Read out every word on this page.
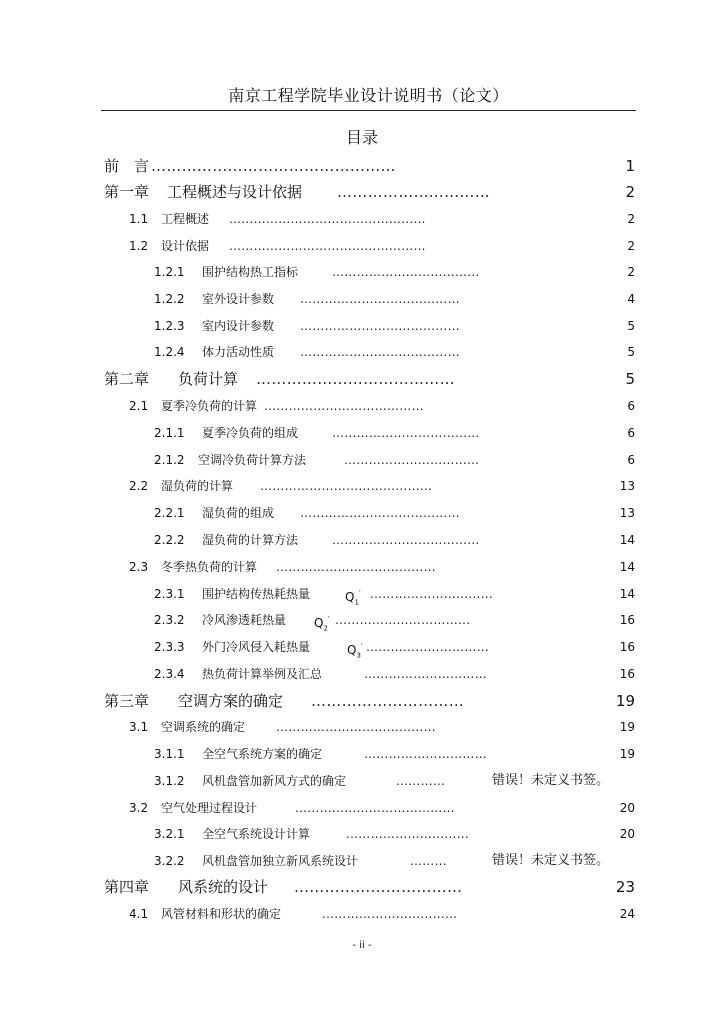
南京工程学院毕业设计说明书（论文）
目录
前　言 …………………………………………	1
第一章 工程概述与设计依据 …………………………	2
1.1 工程概述 …………………………………………	2
1.2 设计依据 …………………………………………	2
1.2.1 围护结构热工指标	………………………………	2
1.2.2 室外设计参数 …………………………………	4
1.2.3 室内设计参数 …………………………………	5
1.2.4 体力活动性质 …………………………………	5
第二章 负荷计算 …………………………………	5
2.1 夏季冷负荷的计算 …………………………………	6
2.1.1 夏季冷负荷的组成	………………………………	6
2.1.2 空调冷负荷计算方法	……………………………	6
2.2 湿负荷的计算 ……………………………………	13
2.2.1 湿负荷的组成 …………………………………	13
2.2.2 湿负荷的计算方法	………………………………	14
2.3 冬季热负荷的计算 …………………………………	14
2.3.1 围护结构传热耗热量	$Q_1'$ …………………………	14
2.3.2 冷风渗透耗热量 $Q_2'$ ……………………………	16
2.3.3 外门冷风侵入耗热量	$Q_3'$ …………………………	16
2.3.4 热负荷计算举例及汇总	…………………………	16
第三章 空调方案的确定 …………………………	19
3.1 空调系统的确定	…………………………………	19
3.1.1 全空气系统方案的确定	…………………………	19
3.1.2 风机盘管加新风方式的确定	…………	错误！未定义书签。
3.2 空气处理过程设计	…………………………………	20
3.2.1 全空气系统设计计算	…………………………	20
3.2.2 风机盘管加独立新风系统设计	………	错误！未定义书签。
第四章 风系统的设计 ……………………………	23
4.1 风管材料和形状的确定	……………………………	24
- ii -
